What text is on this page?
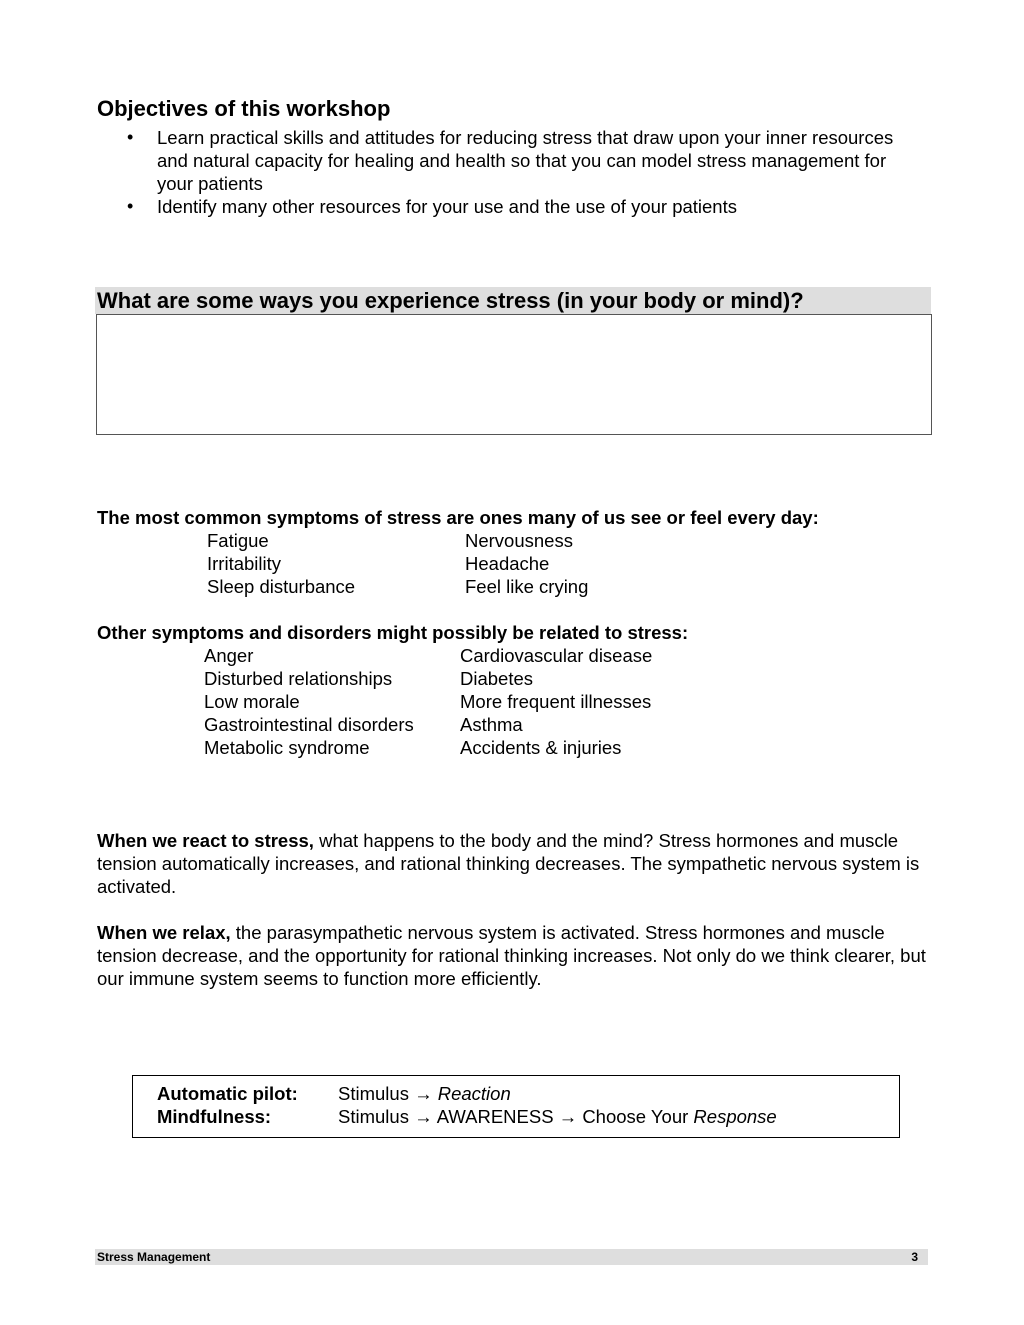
Objectives of this workshop
• Learn practical skills and attitudes for reducing stress that draw upon your inner resources and natural capacity for healing and health so that you can model stress management for your patients
• Identify many other resources for your use and the use of your patients
What are some ways you experience stress (in your body or mind)?
The most common symptoms of stress are ones many of us see or feel every day:
Fatigue
Irritability
Sleep disturbance
Nervousness
Headache
Feel like crying
Other symptoms and disorders might possibly be related to stress:
Anger
Disturbed relationships
Low morale
Gastrointestinal disorders
Metabolic syndrome
Cardiovascular disease
Diabetes
More frequent illnesses
Asthma
Accidents & injuries

When we react to stress, what happens to the body and the mind? Stress hormones and muscle tension automatically increases, and rational thinking decreases. The sympathetic nervous system is activated.

When we relax, the parasympathetic nervous system is activated. Stress hormones and muscle tension decrease, and the opportunity for rational thinking increases. Not only do we think clearer, but our immune system seems to function more efficiently.

Automatic pilot: Stimulus → Reaction
Mindfulness:	Stimulus → AWARENESS → Choose Your Response
Stress Management	3
